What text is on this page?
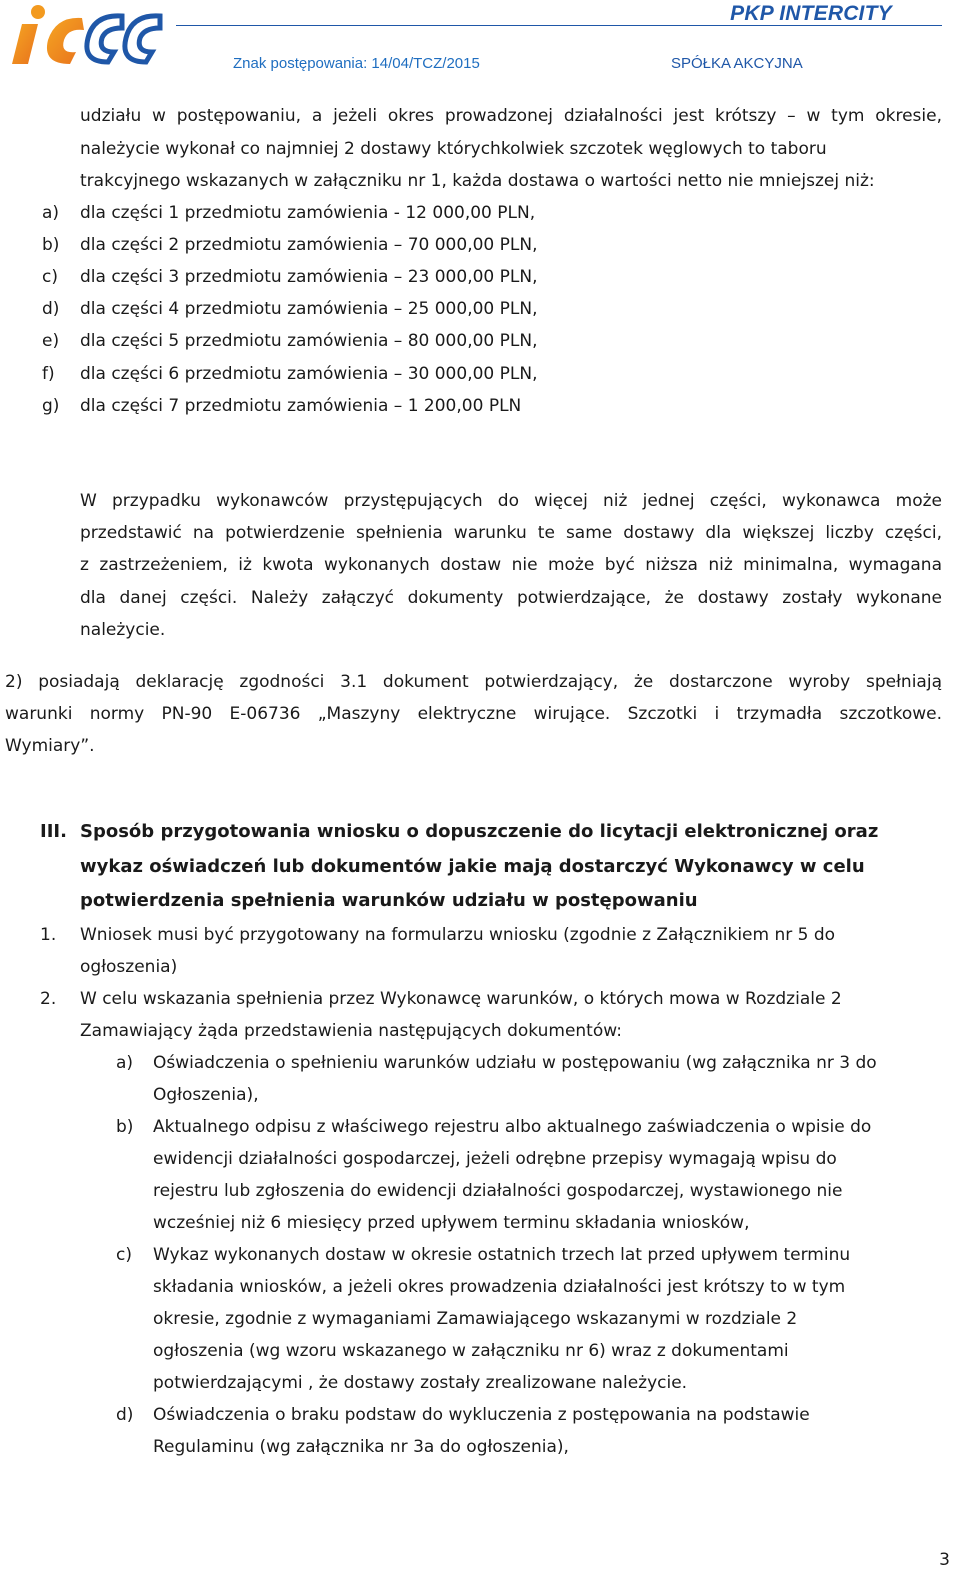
PKP INTERCITY
Znak postępowania: 14/04/TCZ/2015	SPÓŁKA AKCYJNA
udziału w postępowaniu, a jeżeli okres prowadzonej działalności jest krótszy – w tym okresie,
należycie wykonał co najmniej 2 dostawy którychkolwiek szczotek węglowych to taboru
trakcyjnego wskazanych w załączniku nr 1, każda dostawa o wartości netto nie mniejszej niż:
a) dla części 1 przedmiotu zamówienia - 12 000,00 PLN,
b) dla części 2 przedmiotu zamówienia – 70 000,00 PLN,
c) dla części 3 przedmiotu zamówienia – 23 000,00 PLN,
d) dla części 4 przedmiotu zamówienia – 25 000,00 PLN,
e) dla części 5 przedmiotu zamówienia – 80 000,00 PLN,
f) dla części 6 przedmiotu zamówienia – 30 000,00 PLN,
g) dla części 7 przedmiotu zamówienia – 1 200,00 PLN
W przypadku wykonawców przystępujących do więcej niż jednej części, wykonawca może
przedstawić na potwierdzenie spełnienia warunku te same dostawy dla większej liczby części,
z zastrzeżeniem, iż kwota wykonanych dostaw nie może być niższa niż minimalna, wymagana
dla danej części. Należy załączyć dokumenty potwierdzające, że dostawy zostały wykonane
należycie.
2) posiadają deklarację zgodności 3.1 dokument potwierdzający, że dostarczone wyroby spełniają
warunki normy PN-90 E-06736 „Maszyny elektryczne wirujące. Szczotki i trzymadła szczotkowe.
Wymiary”.
III. Sposób przygotowania wniosku o dopuszczenie do licytacji elektronicznej oraz
wykaz oświadczeń lub dokumentów jakie mają dostarczyć Wykonawcy w celu
potwierdzenia spełnienia warunków udziału w postępowaniu
1. Wniosek musi być przygotowany na formularzu wniosku (zgodnie z Załącznikiem nr 5 do
ogłoszenia)
2. W celu wskazania spełnienia przez Wykonawcę warunków, o których mowa w Rozdziale 2
Zamawiający żąda przedstawienia następujących dokumentów:
a) Oświadczenia o spełnieniu warunków udziału w postępowaniu (wg załącznika nr 3 do
Ogłoszenia),
b) Aktualnego odpisu z właściwego rejestru albo aktualnego zaświadczenia o wpisie do
ewidencji działalności gospodarczej, jeżeli odrębne przepisy wymagają wpisu do
rejestru lub zgłoszenia do ewidencji działalności gospodarczej, wystawionego nie
wcześniej niż 6 miesięcy przed upływem terminu składania wniosków,
c) Wykaz wykonanych dostaw w okresie ostatnich trzech lat przed upływem terminu
składania wniosków, a jeżeli okres prowadzenia działalności jest krótszy to w tym
okresie, zgodnie z wymaganiami Zamawiającego wskazanymi w rozdziale 2
ogłoszenia (wg wzoru wskazanego w załączniku nr 6) wraz z dokumentami
potwierdzającymi , że dostawy zostały zrealizowane należycie.
d) Oświadczenia o braku podstaw do wykluczenia z postępowania na podstawie
Regulaminu (wg załącznika nr 3a do ogłoszenia),
3
